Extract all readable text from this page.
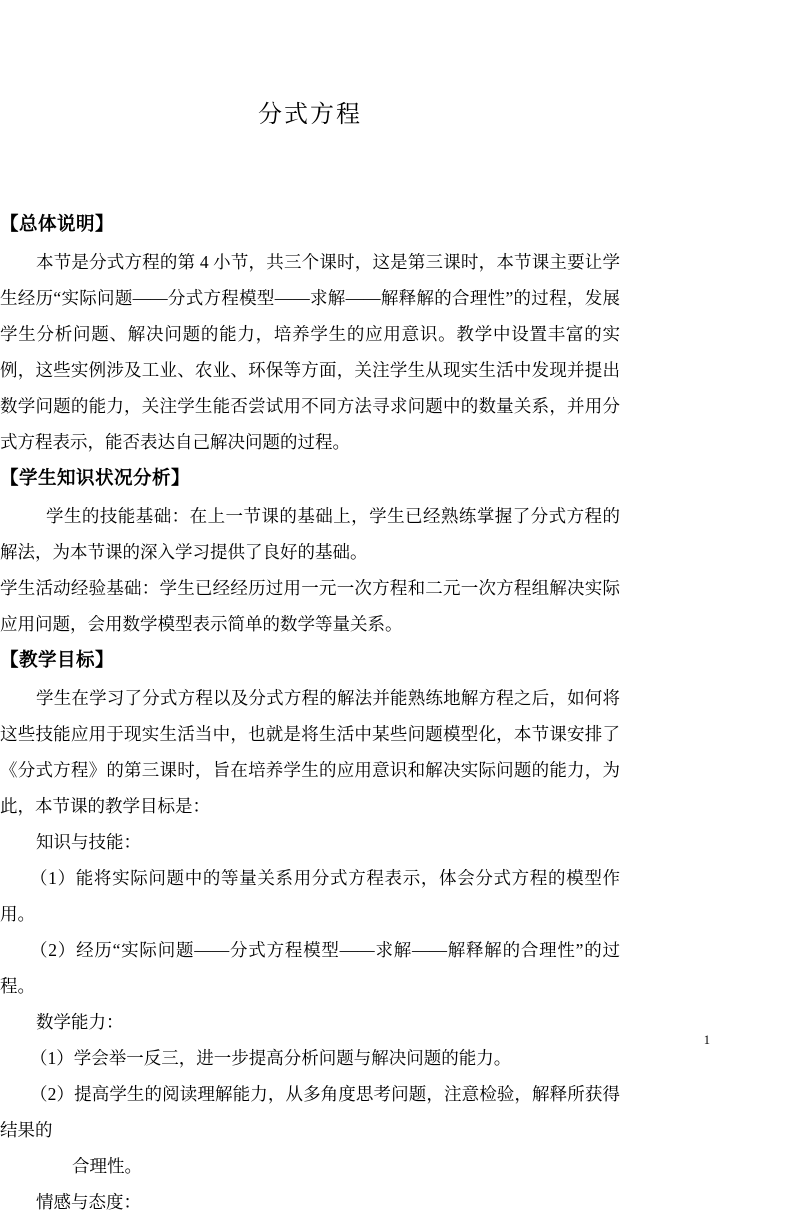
分式方程

【总体说明】

本节是分式方程的第 4 小节，共三个课时，这是第三课时，本节课主要让学生经历“实际问题——分式方程模型——求解——解释解的合理性”的过程，发展学生分析问题、解决问题的能力，培养学生的应用意识。教学中设置丰富的实例，这些实例涉及工业、农业、环保等方面，关注学生从现实生活中发现并提出数学问题的能力，关注学生能否尝试用不同方法寻求问题中的数量关系，并用分式方程表示，能否表达自己解决问题的过程。

【学生知识状况分析】

学生的技能基础：在上一节课的基础上，学生已经熟练掌握了分式方程的解法，为本节课的深入学习提供了良好的基础。

学生活动经验基础：学生已经经历过用一元一次方程和二元一次方程组解决实际应用问题，会用数学模型表示简单的数学等量关系。

【教学目标】

学生在学习了分式方程以及分式方程的解法并能熟练地解方程之后，如何将这些技能应用于现实生活当中，也就是将生活中某些问题模型化，本节课安排了《分式方程》的第三课时，旨在培养学生的应用意识和解决实际问题的能力，为此，本节课的教学目标是：

知识与技能：

（1）能将实际问题中的等量关系用分式方程表示，体会分式方程的模型作用。

（2）经历“实际问题——分式方程模型——求解——解释解的合理性”的过程。

数学能力：

（1）学会举一反三，进一步提高分析问题与解决问题的能力。

（2）提高学生的阅读理解能力，从多角度思考问题，注意检验，解释所获得结果的

合理性。

情感与态度：

1
